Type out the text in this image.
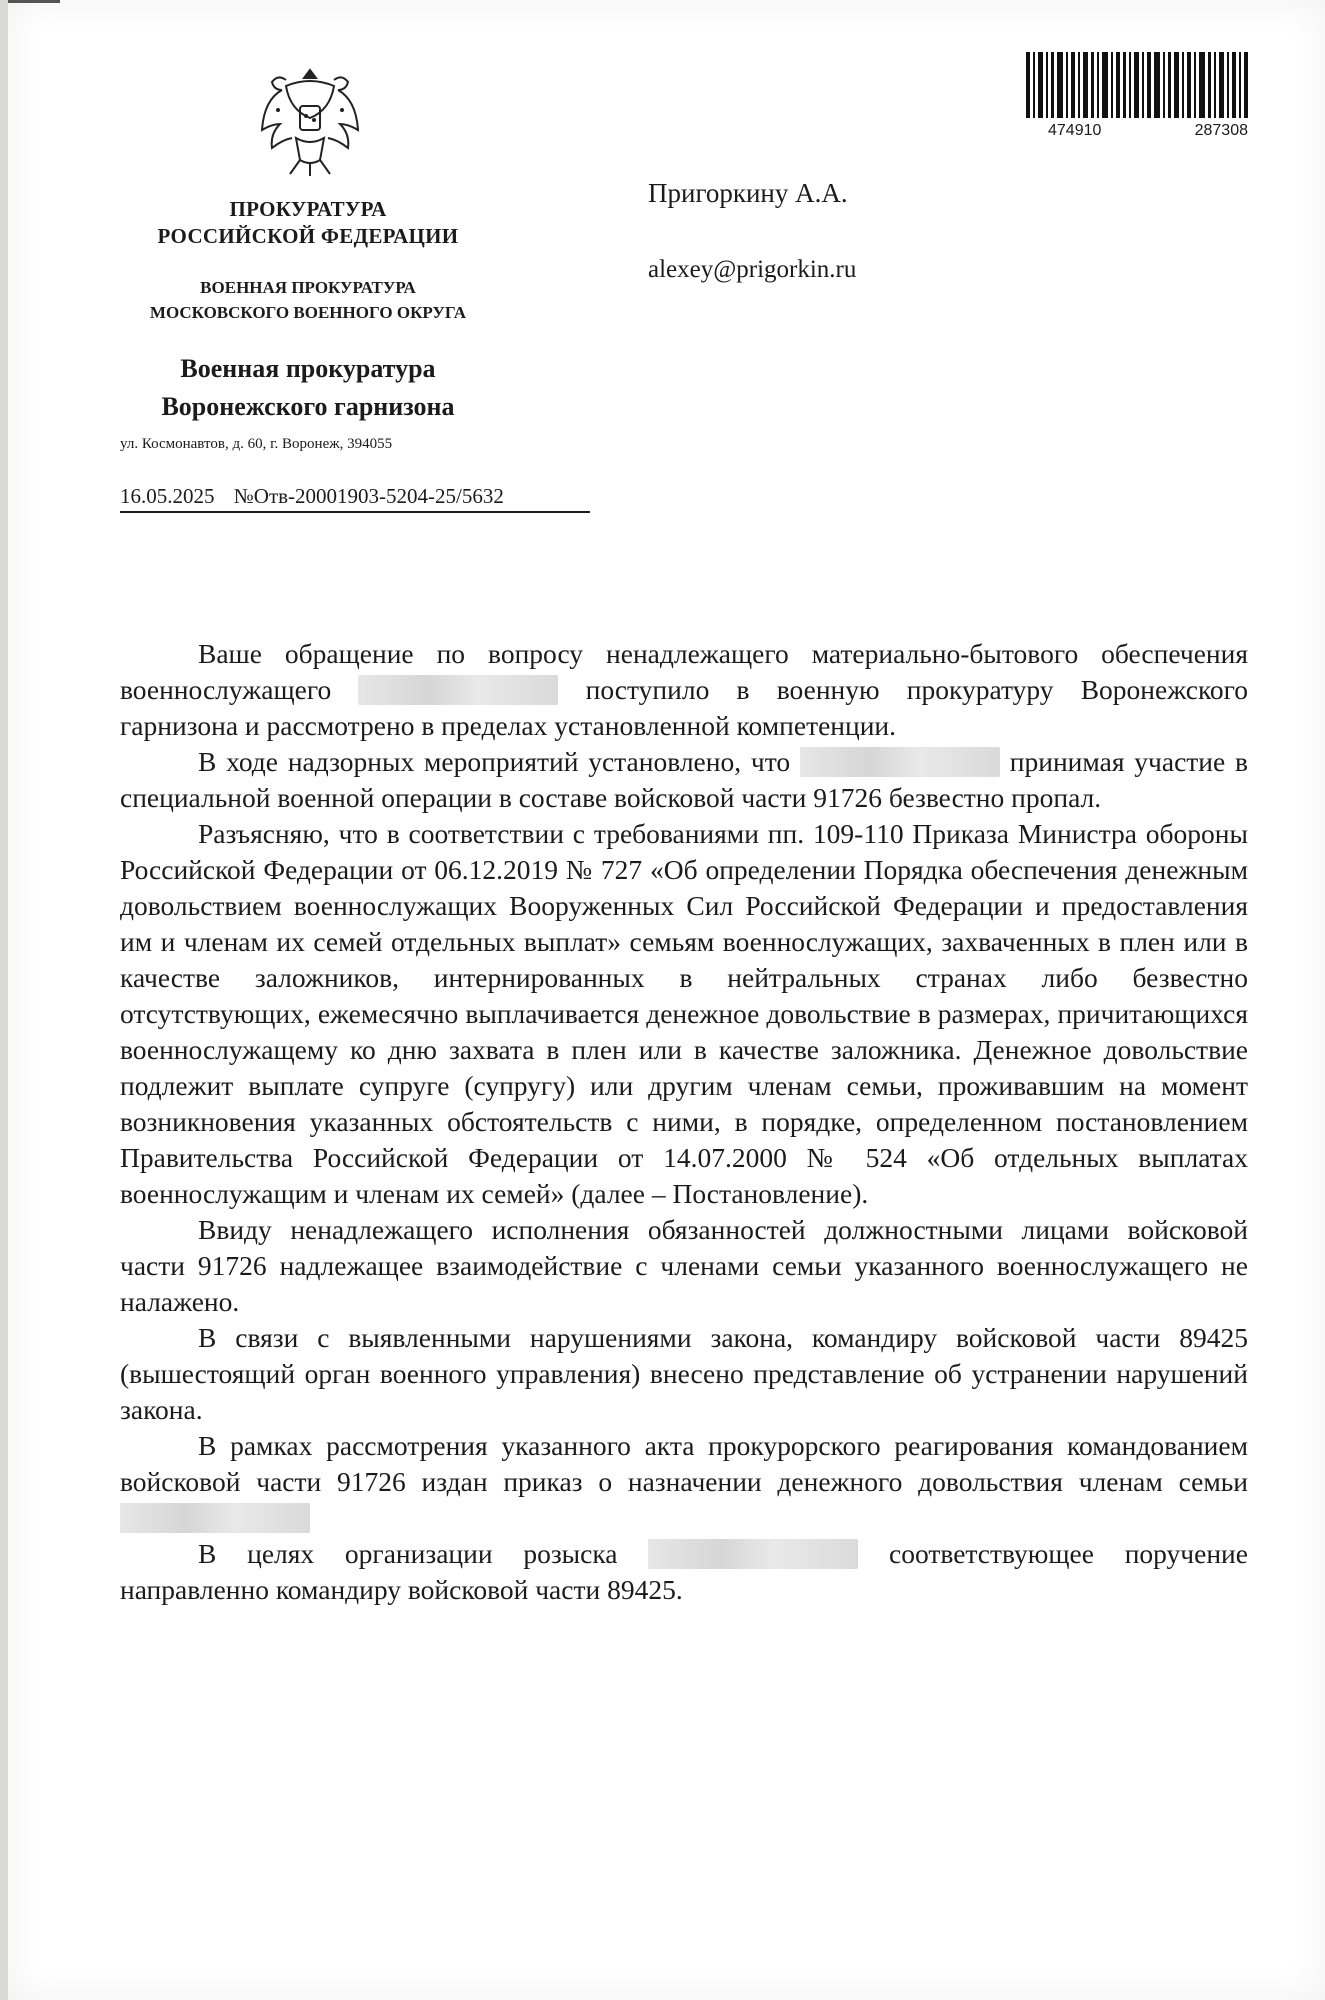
ПРОКУРАТУРА
РОССИЙСКОЙ ФЕДЕРАЦИИ
ВОЕННАЯ ПРОКУРАТУРА
МОСКОВСКОГО ВОЕННОГО ОКРУГА
Военная прокуратура
Воронежского гарнизона
ул. Космонавтов, д. 60, г. Воронеж, 394055
16.05.2025 №Отв-20001903-5204-25/5632
474910	287308
Пригоркину А.А.
alexey@prigorkin.ru

Ваше обращение по вопросу ненадлежащего материально-бытового обеспечения военнослужащего	поступило в военную прокуратуру Воронежского гарнизона и рассмотрено в пределах установленной компетенции.

В ходе надзорных мероприятий установлено, что	принимая участие в специальной военной операции в составе войсковой части 91726 безвестно пропал.

Разъясняю, что в соответствии с требованиями пп. 109-110 Приказа Министра обороны Российской Федерации от 06.12.2019 № 727 «Об определении Порядка обеспечения денежным довольствием военнослужащих Вооруженных Сил Российской Федерации и предоставления им и членам их семей отдельных выплат» семьям военнослужащих, захваченных в плен или в качестве заложников, интернированных в нейтральных странах либо безвестно отсутствующих, ежемесячно выплачивается денежное довольствие в размерах, причитающихся военнослужащему ко дню захвата в плен или в качестве заложника. Денежное довольствие подлежит выплате супруге (супругу) или другим членам семьи, проживавшим на момент возникновения указанных обстоятельств с ними, в порядке, определенном постановлением Правительства Российской Федерации от 14.07.2000 № 524 «Об отдельных выплатах военнослужащим и членам их семей» (далее – Постановление).

Ввиду ненадлежащего исполнения обязанностей должностными лицами войсковой части 91726 надлежащее взаимодействие с членами семьи указанного военнослужащего не налажено.

В связи с выявленными нарушениями закона, командиру войсковой части 89425 (вышестоящий орган военного управления) внесено представление об устранении нарушений закона.

В рамках рассмотрения указанного акта прокурорского реагирования командованием войсковой части 91726 издан приказ о назначении денежного довольствия членам семьи

В целях организации розыска	соответствующее поручение направленно командиру войсковой части 89425.
